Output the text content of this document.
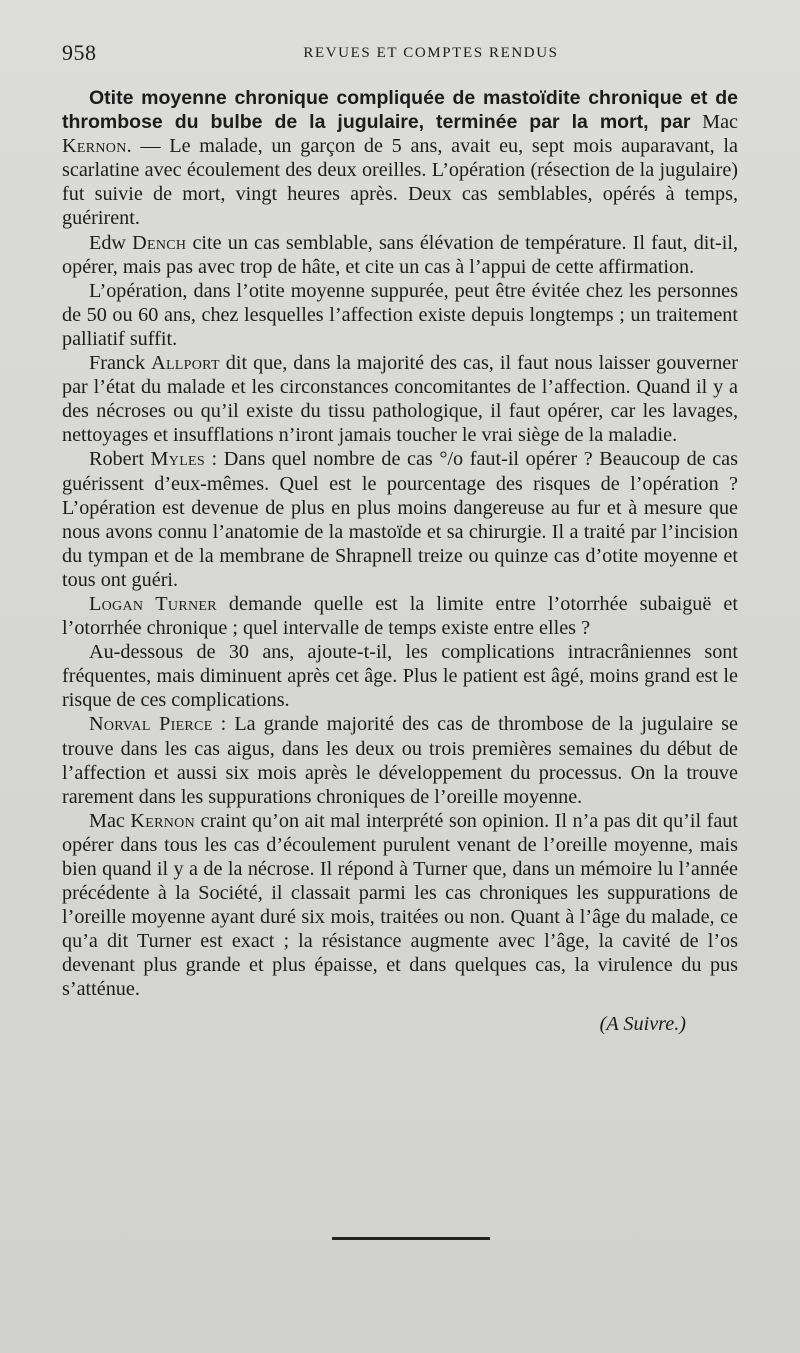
958	REVUES ET COMPTES RENDUS

Otite moyenne chronique compliquée de mastoïdite chronique et de thrombose du bulbe de la jugulaire, terminée par la mort, par Mac Kernon. — Le malade, un garçon de 5 ans, avait eu, sept mois auparavant, la scarlatine avec écoulement des deux oreilles. L’opération (résection de la jugulaire) fut suivie de mort, vingt heures après. Deux cas semblables, opérés à temps, guérirent.

Edw Dench cite un cas semblable, sans élévation de température. Il faut, dit-il, opérer, mais pas avec trop de hâte, et cite un cas à l’appui de cette affirmation.

L’opération, dans l’otite moyenne suppurée, peut être évitée chez les personnes de 50 ou 60 ans, chez lesquelles l’affection existe depuis longtemps ; un traitement palliatif suffit.

Franck Allport dit que, dans la majorité des cas, il faut nous laisser gouverner par l’état du malade et les circonstances concomitantes de l’affection. Quand il y a des nécroses ou qu’il existe du tissu pathologique, il faut opérer, car les lavages, nettoyages et insufflations n’iront jamais toucher le vrai siège de la maladie.

Robert Myles : Dans quel nombre de cas °/o faut-il opérer ? Beaucoup de cas guérissent d’eux-mêmes. Quel est le pourcentage des risques de l’opération ? L’opération est devenue de plus en plus moins dangereuse au fur et à mesure que nous avons connu l’anatomie de la mastoïde et sa chirurgie. Il a traité par l’incision du tympan et de la membrane de Shrapnell treize ou quinze cas d’otite moyenne et tous ont guéri.

Logan Turner demande quelle est la limite entre l’otorrhée subaiguë et l’otorrhée chronique ; quel intervalle de temps existe entre elles ?

Au-dessous de 30 ans, ajoute-t-il, les complications intracrâniennes sont fréquentes, mais diminuent après cet âge. Plus le patient est âgé, moins grand est le risque de ces complications.

Norval Pierce : La grande majorité des cas de thrombose de la jugulaire se trouve dans les cas aigus, dans les deux ou trois premières semaines du début de l’affection et aussi six mois après le développement du processus. On la trouve rarement dans les suppurations chroniques de l’oreille moyenne.

Mac Kernon craint qu’on ait mal interprété son opinion. Il n’a pas dit qu’il faut opérer dans tous les cas d’écoulement purulent venant de l’oreille moyenne, mais bien quand il y a de la nécrose. Il répond à Turner que, dans un mémoire lu l’année précédente à la Société, il classait parmi les cas chroniques les suppurations de l’oreille moyenne ayant duré six mois, traitées ou non. Quant à l’âge du malade, ce qu’a dit Turner est exact ; la résistance augmente avec l’âge, la cavité de l’os devenant plus grande et plus épaisse, et dans quelques cas, la virulence du pus s’atténue.

(A Suivre.)
